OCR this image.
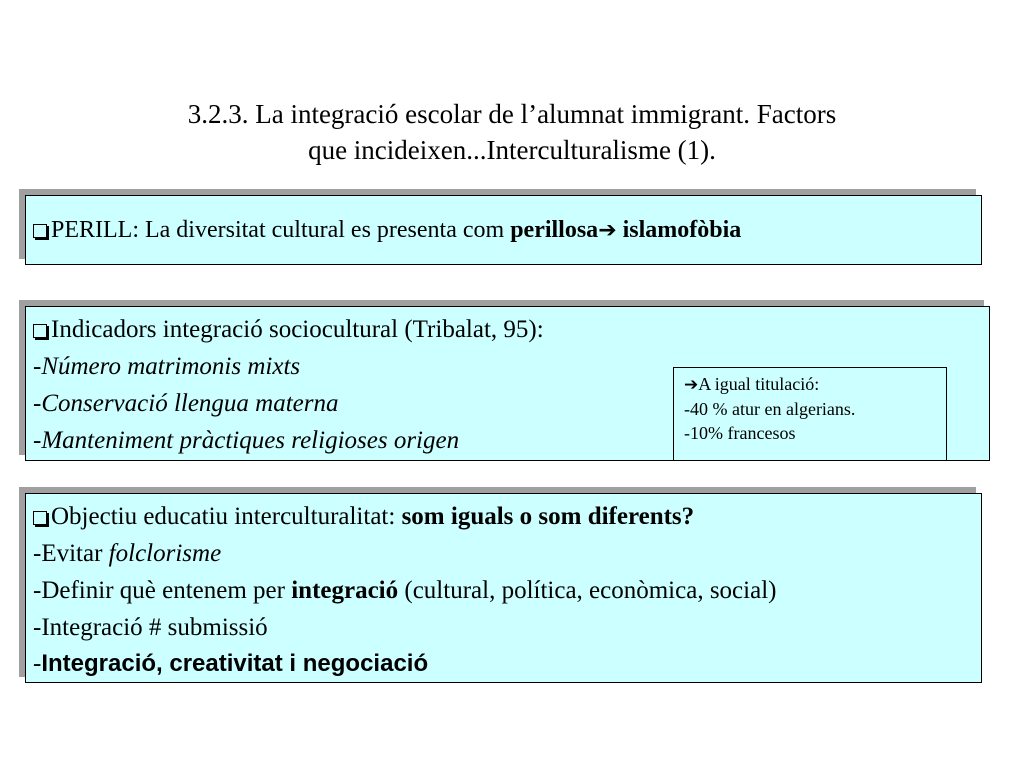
3.2.3. La integració escolar de l’alumnat immigrant. Factors
que incideixen...Interculturalisme (1).
PERILL: La diversitat cultural es presenta com perillosa➔ islamofòbia
Indicadors integració sociocultural (Tribalat, 95):
-Número matrimonis mixts
-Conservació llengua materna
-Manteniment pràctiques religioses origen
➔A igual titulació:
-40 % atur en algerians.
-10% francesos
Objectiu educatiu interculturalitat: som iguals o som diferents?
-Evitar folclorisme
-Definir què entenem per integració (cultural, política, econòmica, social)
-Integració # submissió
-Integració, creativitat i negociació
